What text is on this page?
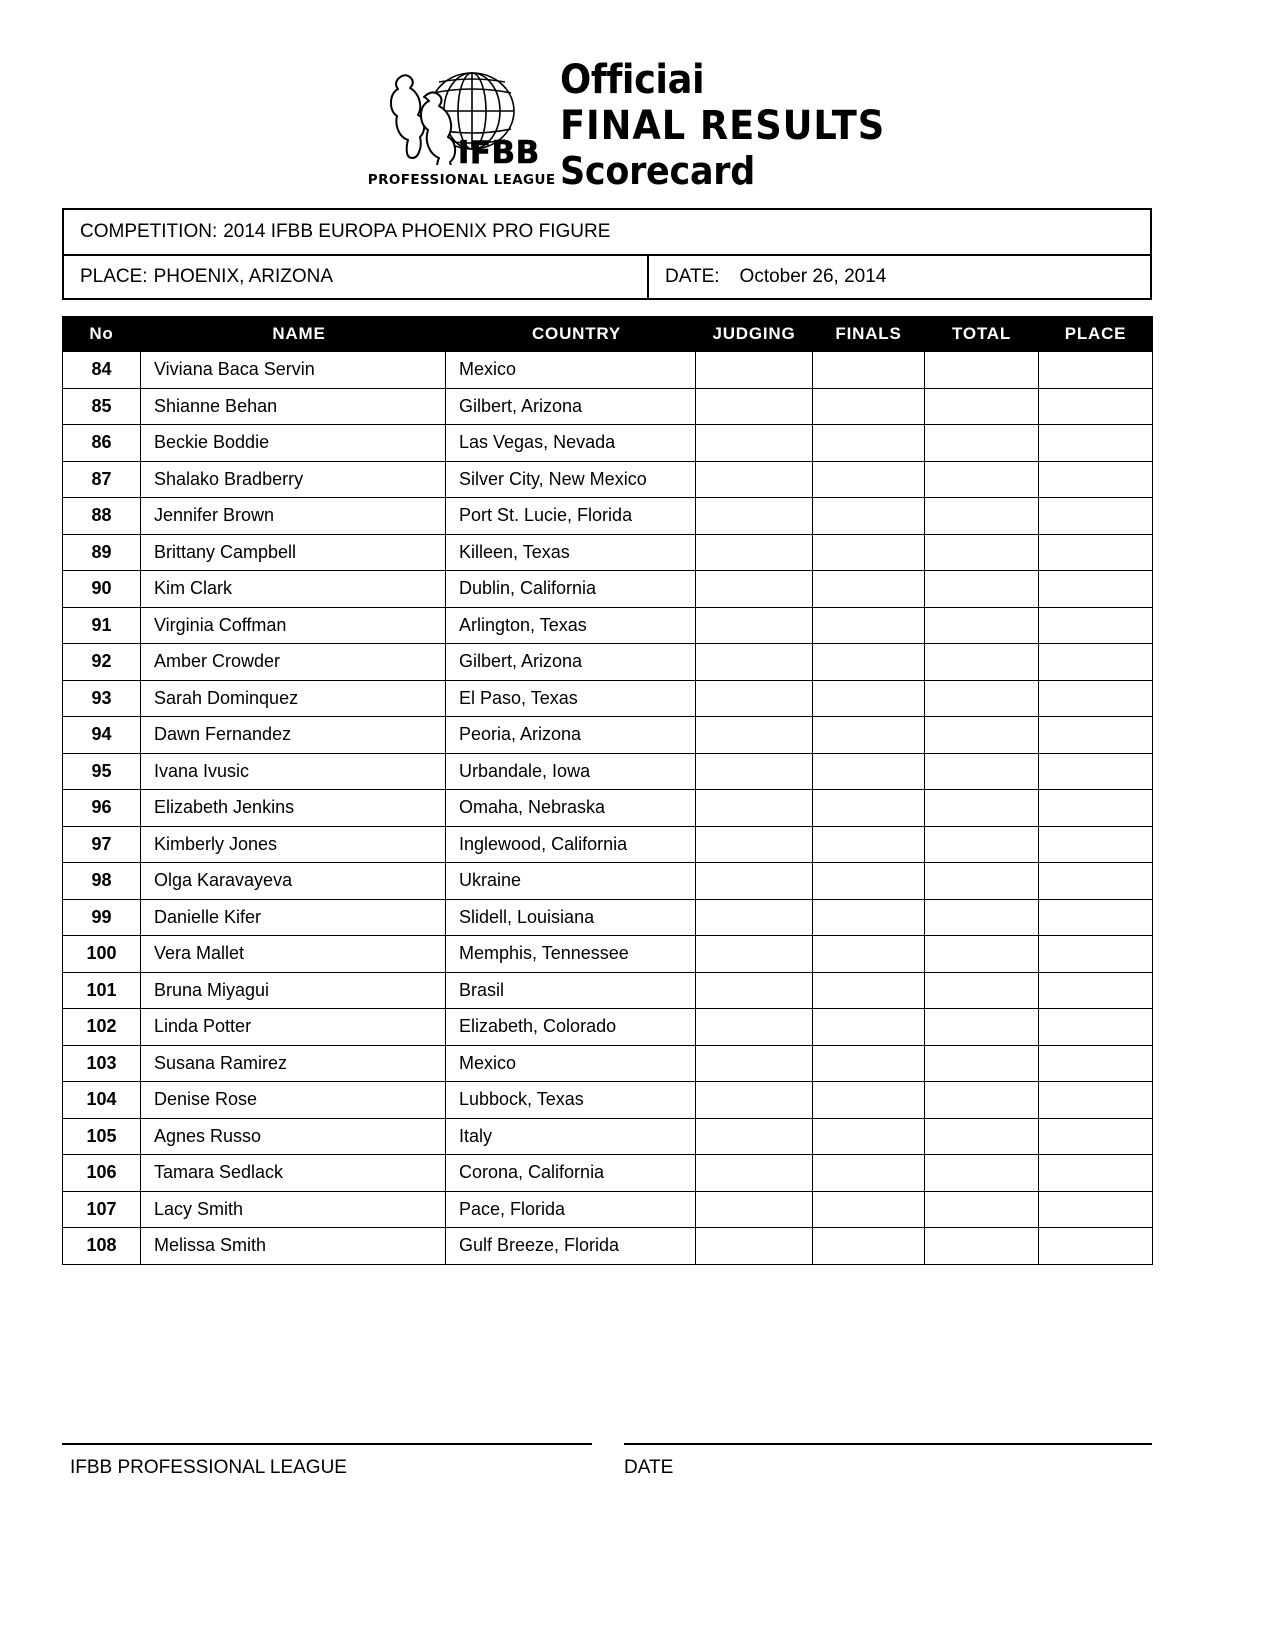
IFBB
PROFESSIONAL LEAGUE
Officiai
FINAL RESULTS
Scorecard
COMPETITION: 2014 IFBB EUROPA PHOENIX PRO FIGURE
PLACE: PHOENIX, ARIZONA	DATE: October 26, 2014
No	NAME	COUNTRY	JUDGING	FINALS	TOTAL	PLACE
84	Viviana Baca Servin	Mexico				
85	Shianne Behan	Gilbert, Arizona				
86	Beckie Boddie	Las Vegas, Nevada				
87	Shalako Bradberry	Silver City, New Mexico				
88	Jennifer Brown	Port St. Lucie, Florida				
89	Brittany Campbell	Killeen, Texas				
90	Kim Clark	Dublin, California				
91	Virginia Coffman	Arlington, Texas				
92	Amber Crowder	Gilbert, Arizona				
93	Sarah Dominquez	El Paso, Texas				
94	Dawn Fernandez	Peoria, Arizona				
95	Ivana Ivusic	Urbandale, Iowa				
96	Elizabeth Jenkins	Omaha, Nebraska				
97	Kimberly Jones	Inglewood, California				
98	Olga Karavayeva	Ukraine				
99	Danielle Kifer	Slidell, Louisiana				
100	Vera Mallet	Memphis, Tennessee				
101	Bruna Miyagui	Brasil				
102	Linda Potter	Elizabeth, Colorado				
103	Susana Ramirez	Mexico				
104	Denise Rose	Lubbock, Texas				
105	Agnes Russo	Italy				
106	Tamara Sedlack	Corona, California				
107	Lacy Smith	Pace, Florida				
108	Melissa Smith	Gulf Breeze, Florida				
IFBB PROFESSIONAL LEAGUE	DATE
